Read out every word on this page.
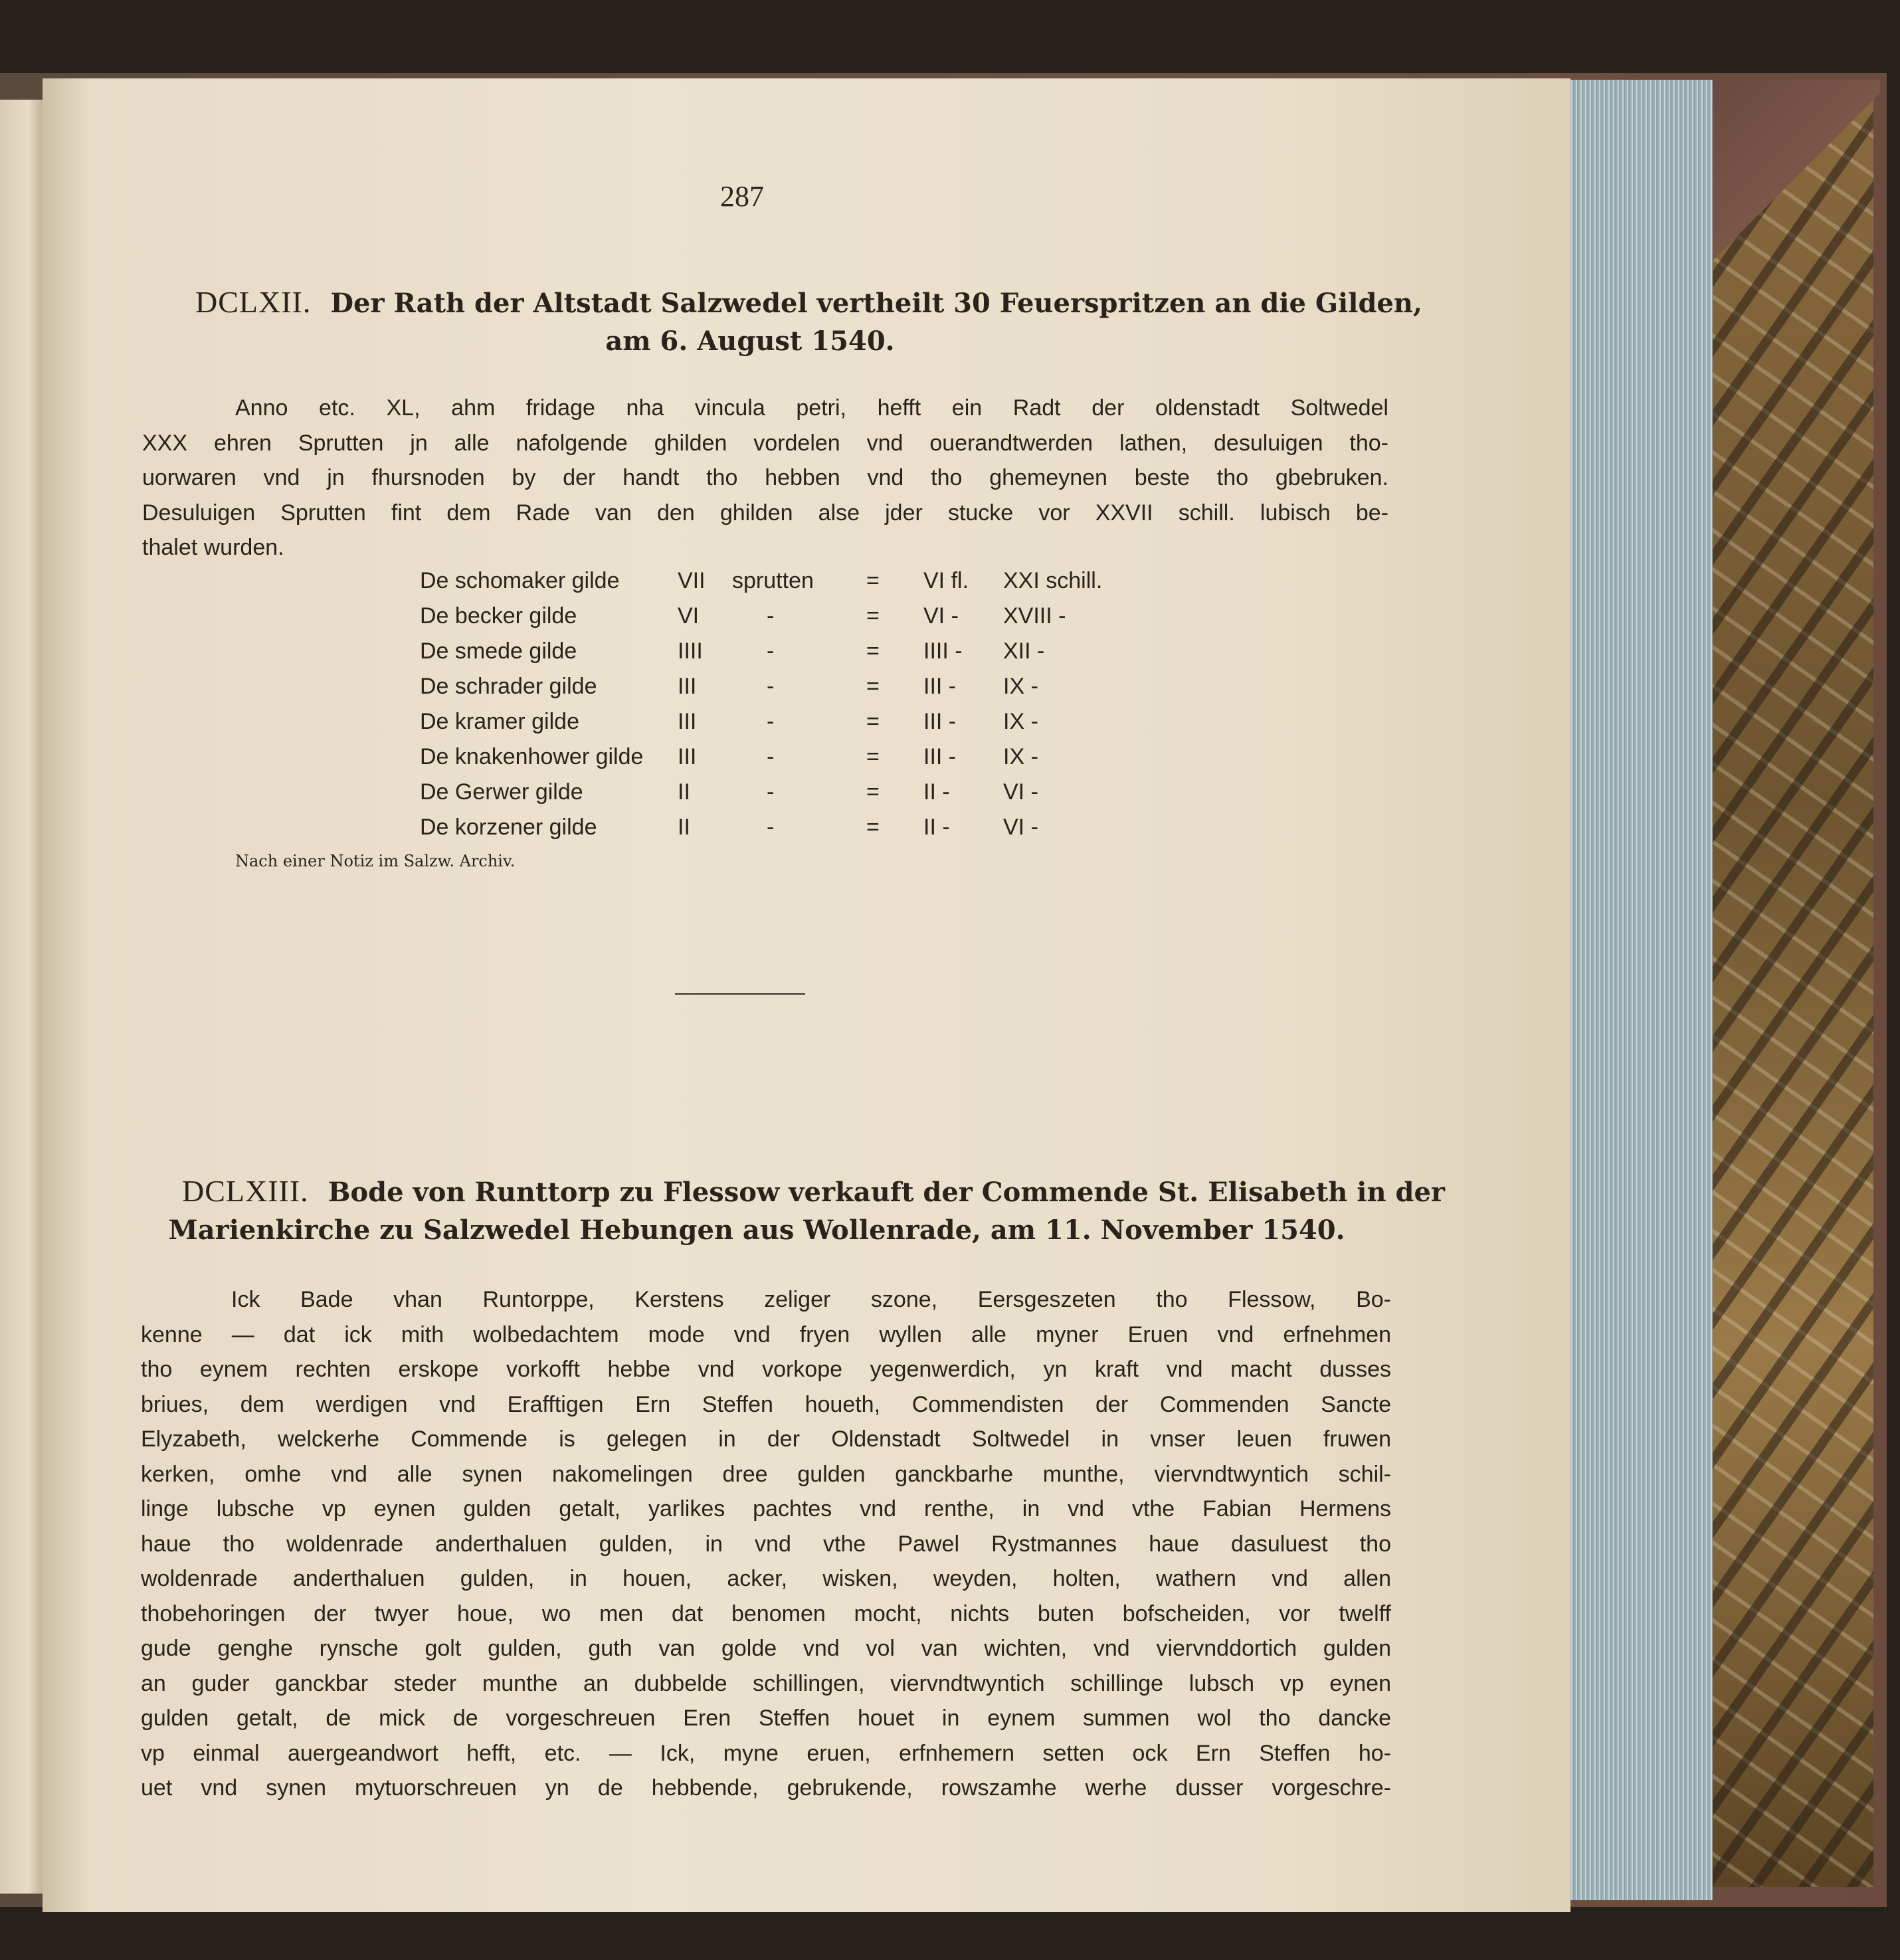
287
DCLXII. Der Rath der Altstadt Salzwedel vertheilt 30 Feuerspritzen an die Gilden,
am 6. August 1540.

Anno etc. XL, ahm fridage nha vincula petri, hefft ein Radt der oldenstadt Soltwedel

XXX ehren Sprutten jn alle nafolgende ghilden vordelen vnd ouerandtwerden lathen, desuluigen tho-

uorwaren vnd jn fhursnoden by der handt tho hebben vnd tho ghemeynen beste tho gbebruken.

Desuluigen Sprutten fint dem Rade van den ghilden alse jder stucke vor XXVII schill. lubisch be-

thalet wurden.

De schomaker gilde	VII	sprutten	=	VI fl.	XXI schill.
De becker gilde	VI	-	=	VI -	XVIII -
De smede gilde	IIII	-	=	IIII -	XII -
De schrader gilde	III	-	=	III -	IX -
De kramer gilde	III	-	=	III -	IX -
De knakenhower gilde	III	-	=	III -	IX -
De Gerwer gilde	II	-	=	II -	VI -
De korzener gilde	II	-	=	II -	VI -
Nach einer Notiz im Salzw. Archiv.
DCLXIII. Bode von Runttorp zu Flessow verkauft der Commende St. Elisabeth in der
Marienkirche zu Salzwedel Hebungen aus Wollenrade, am 11. November 1540.

Ick Bade vhan Runtorppe, Kerstens zeliger szone, Eersgeszeten tho Flessow, Bo-

kenne — dat ick mith wolbedachtem mode vnd fryen wyllen alle myner Eruen vnd erfnehmen

tho eynem rechten erskope vorkofft hebbe vnd vorkope yegenwerdich, yn kraft vnd macht dusses

briues, dem werdigen vnd Erafftigen Ern Steffen houeth, Commendisten der Commenden Sancte

Elyzabeth, welckerhe Commende is gelegen in der Oldenstadt Soltwedel in vnser leuen fruwen

kerken, omhe vnd alle synen nakomelingen dree gulden ganckbarhe munthe, viervndtwyntich schil-

linge lubsche vp eynen gulden getalt, yarlikes pachtes vnd renthe, in vnd vthe Fabian Hermens

haue tho woldenrade anderthaluen gulden, in vnd vthe Pawel Rystmannes haue dasuluest tho

woldenrade anderthaluen gulden, in houen, acker, wisken, weyden, holten, wathern vnd allen

thobehoringen der twyer houe, wo men dat benomen mocht, nichts buten bofscheiden, vor twelff

gude genghe rynsche golt gulden, guth van golde vnd vol van wichten, vnd viervnddortich gulden

an guder ganckbar steder munthe an dubbelde schillingen, viervndtwyntich schillinge lubsch vp eynen

gulden getalt, de mick de vorgeschreuen Eren Steffen houet in eynem summen wol tho dancke

vp einmal auergeandwort hefft, etc. — Ick, myne eruen, erfnhemern setten ock Ern Steffen ho-

uet vnd synen mytuorschreuen yn de hebbende, gebrukende, rowszamhe werhe dusser vorgeschre-
